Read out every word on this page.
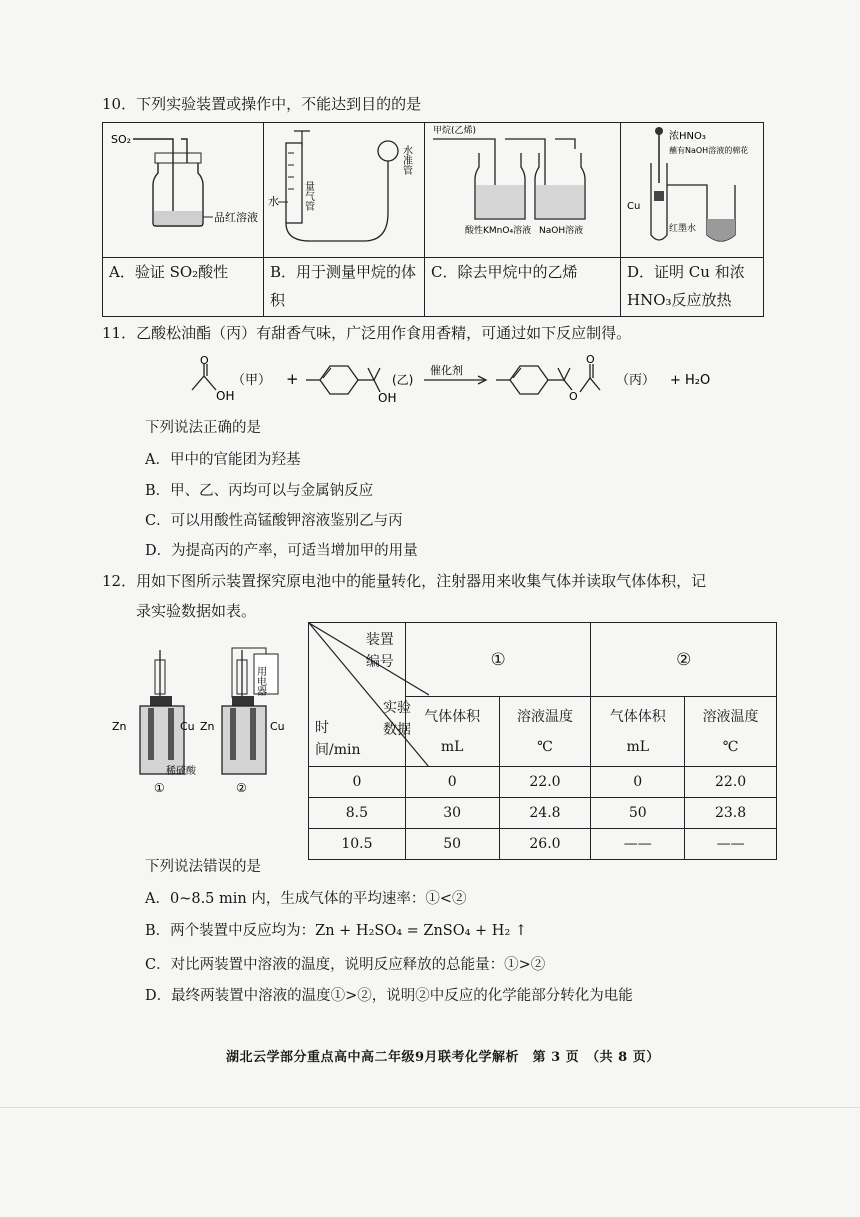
10．下列实验装置或操作中，不能达到目的的是
SO₂
品红溶液	水 量气管
水准管	甲烷(乙烯)
酸性KMnO₄溶液 NaOH溶液	浓HNO₃
蘸有NaOH溶液的棉花
Cu
红墨水

A．验证 SO₂酸性	B．用于测量甲烷的体积	C．除去甲烷中的乙烯	D．证明 Cu 和浓HNO₃反应放热
11．乙酸松油酯（丙）有甜香气味，广泛用作食用香精，可通过如下反应制得。
O
OH
（甲） +
OH
(乙)
催化剂
O
O
（丙） + H₂O
下列说法正确的是
A．甲中的官能团为羟基
B．甲、乙、丙均可以与金属钠反应
C．可以用酸性高锰酸钾溶液鉴别乙与丙
D．为提高丙的产率，可适当增加甲的用量
12．用如下图所示装置探究原电池中的能量转化，注射器用来收集气体并读取气体体积，记
录实验数据如表。
Zn	Cu
①
用电器
Cu
Zn
稀硫酸
②
装置编号
实验数据
时间/min	①		②	
	气体体积 mL	溶液温度 ℃	气体体积 mL	溶液温度 ℃
0	0	22.0	0	22.0
8.5	30	24.8	50	23.8
10.5	50	26.0	——	——
下列说法错误的是
A．0~8.5 min 内，生成气体的平均速率：①<②
B．两个装置中反应均为：Zn + H₂SO₄ = ZnSO₄ + H₂ ↑
C．对比两装置中溶液的温度，说明反应释放的总能量：①>②
D．最终两装置中溶液的温度①>②，说明②中反应的化学能部分转化为电能
湖北云学部分重点高中高二年级9月联考化学解析　第 3 页　（共 8 页）
